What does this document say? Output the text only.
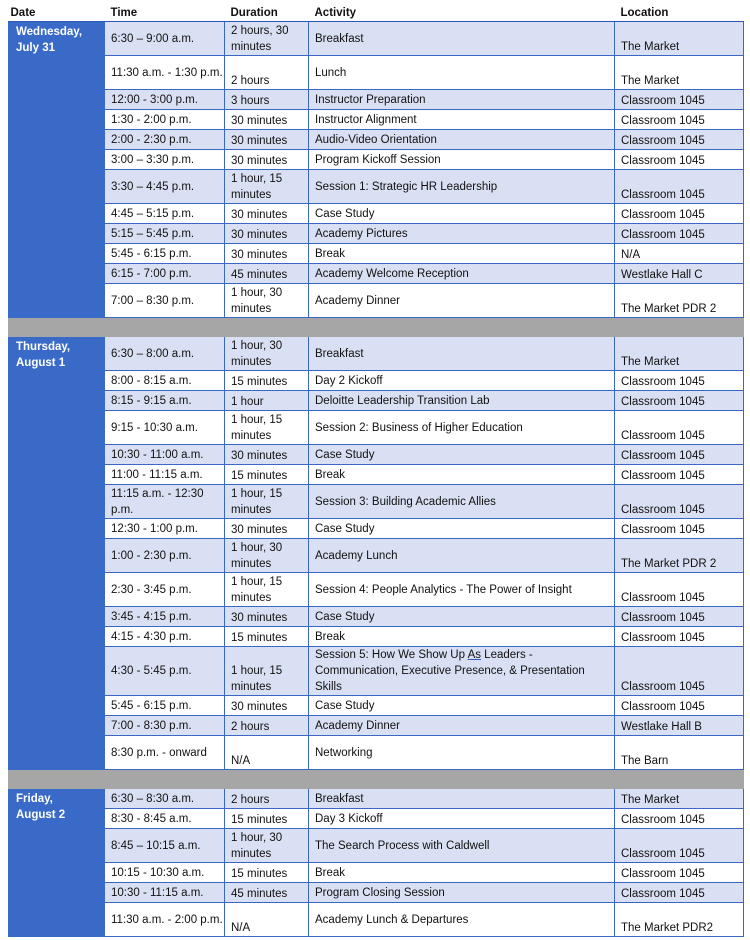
Date	Time	Duration	Activity	Location
Wednesday,
July 31	6:30 – 9:00 a.m.	2 hours, 30 minutes	Breakfast	The Market
	11:30 a.m. - 1:30 p.m.	2 hours	Lunch	The Market
	12:00 - 3:00 p.m.	3 hours	Instructor Preparation	Classroom 1045
	1:30 - 2:00 p.m.	30 minutes	Instructor Alignment	Classroom 1045
	2:00 - 2:30 p.m.	30 minutes	Audio-Video Orientation	Classroom 1045
	3:00 – 3:30 p.m.	30 minutes	Program Kickoff Session	Classroom 1045
	3:30 – 4:45 p.m.	1 hour, 15 minutes	Session 1: Strategic HR Leadership	Classroom 1045
	4:45 – 5:15 p.m.	30 minutes	Case Study	Classroom 1045
	5:15 – 5:45 p.m.	30 minutes	Academy Pictures	Classroom 1045
	5:45 - 6:15 p.m.	30 minutes	Break	N/A
	6:15 - 7:00 p.m.	45 minutes	Academy Welcome Reception	Westlake Hall C
	7:00 – 8:30 p.m.	1 hour, 30 minutes	Academy Dinner	The Market PDR 2

Thursday,
August 1	6:30 – 8:00 a.m.	1 hour, 30 minutes	Breakfast	The Market
	8:00 - 8:15 a.m.	15 minutes	Day 2 Kickoff	Classroom 1045
	8:15 - 9:15 a.m.	1 hour	Deloitte Leadership Transition Lab	Classroom 1045
	9:15 - 10:30 a.m.	1 hour, 15 minutes	Session 2: Business of Higher Education	Classroom 1045
	10:30 - 11:00 a.m.	30 minutes	Case Study	Classroom 1045
	11:00 - 11:15 a.m.	15 minutes	Break	Classroom 1045
	11:15 a.m. - 12:30 p.m.	1 hour, 15 minutes	Session 3: Building Academic Allies	Classroom 1045
	12:30 - 1:00 p.m.	30 minutes	Case Study	Classroom 1045
	1:00 - 2:30 p.m.	1 hour, 30 minutes	Academy Lunch	The Market PDR 2
	2:30 - 3:45 p.m.	1 hour, 15 minutes	Session 4: People Analytics - The Power of Insight	Classroom 1045
	3:45 - 4:15 p.m.	30 minutes	Case Study	Classroom 1045
	4:15 - 4:30 p.m.	15 minutes	Break	Classroom 1045
	4:30 - 5:45 p.m.	1 hour, 15 minutes	Session 5: How We Show Up As Leaders - Communication, Executive Presence, & Presentation Skills	Classroom 1045
	5:45 - 6:15 p.m.	30 minutes	Case Study	Classroom 1045
	7:00 - 8:30 p.m.	2 hours	Academy Dinner	Westlake Hall B
	8:30 p.m. - onward	N/A	Networking	The Barn

Friday,
August 2	6:30 – 8:30 a.m.	2 hours	Breakfast	The Market
	8:30 - 8:45 a.m.	15 minutes	Day 3 Kickoff	Classroom 1045
	8:45 – 10:15 a.m.	1 hour, 30 minutes	The Search Process with Caldwell	Classroom 1045
	10:15 - 10:30 a.m.	15 minutes	Break	Classroom 1045
	10:30 - 11:15 a.m.	45 minutes	Program Closing Session	Classroom 1045
	11:30 a.m. - 2:00 p.m.	N/A	Academy Lunch & Departures	The Market PDR2
